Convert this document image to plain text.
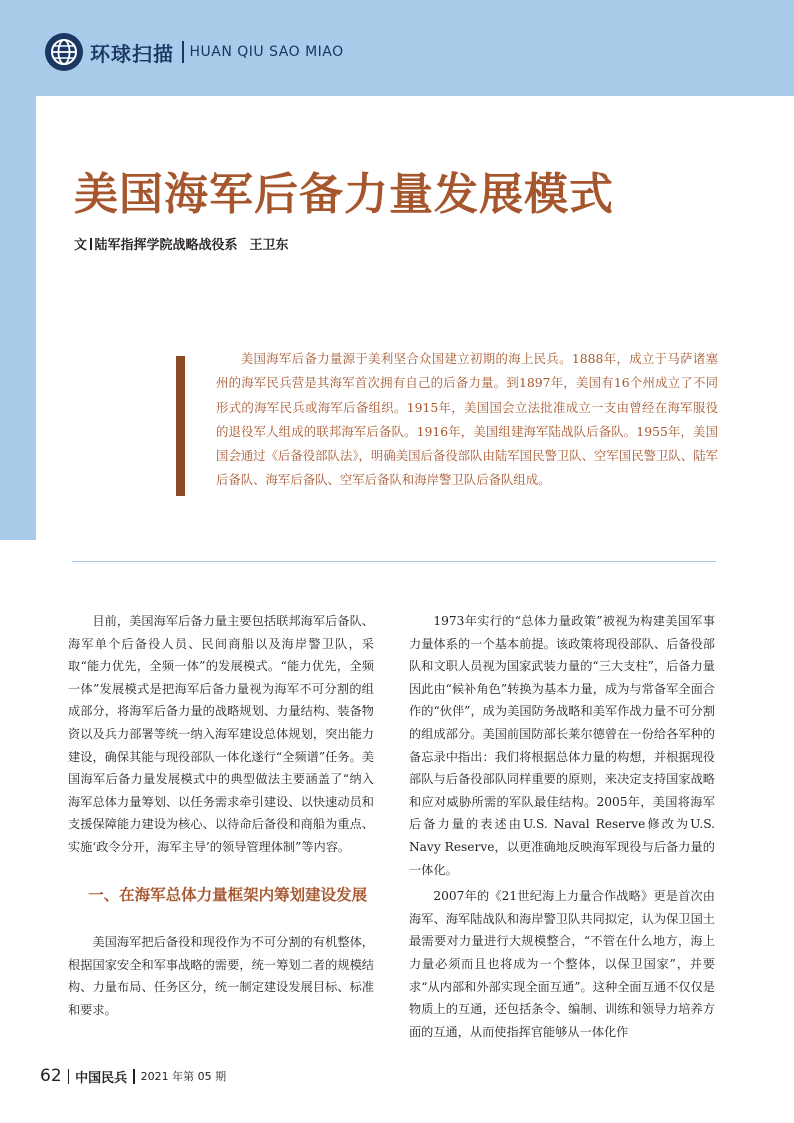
环球扫描 HUAN QIU SAO MIAO
美国海军后备力量发展模式
文 陆军指挥学院战略战役系 王卫东

美国海军后备力量源于美利坚合众国建立初期的海上民兵。1888年，成立于马萨诸塞州的海军民兵营是其海军首次拥有自己的后备力量。到1897年，美国有16个州成立了不同形式的海军民兵或海军后备组织。1915年，美国国会立法批准成立一支由曾经在海军服役的退役军人组成的联邦海军后备队。1916年，美国组建海军陆战队后备队。1955年，美国国会通过《后备役部队法》，明确美国后备役部队由陆军国民警卫队、空军国民警卫队、陆军后备队、海军后备队、空军后备队和海岸警卫队后备队组成。

目前，美国海军后备力量主要包括联邦海军后备队、海军单个后备役人员、民间商船以及海岸警卫队，采取“能力优先，全频一体”的发展模式。“能力优先，全频一体”发展模式是把海军后备力量视为海军不可分割的组成部分，将海军后备力量的战略规划、力量结构、装备物资以及兵力部署等统一纳入海军建设总体规划，突出能力建设，确保其能与现役部队一体化遂行“全频谱”任务。美国海军后备力量发展模式中的典型做法主要涵盖了“纳入海军总体力量筹划、以任务需求牵引建设、以快速动员和支援保障能力建设为核心、以待命后备役和商船为重点、实施‘政令分开，海军主导’的领导管理体制”等内容。

一、在海军总体力量框架内筹划建设发展

美国海军把后备役和现役作为不可分割的有机整体，根据国家安全和军事战略的需要，统一筹划二者的规模结构、力量布局、任务区分，统一制定建设发展目标、标准和要求。

1973年实行的“总体力量政策”被视为构建美国军事力量体系的一个基本前提。该政策将现役部队、后备役部队和文职人员视为国家武装力量的“三大支柱”，后备力量因此由“候补角色”转换为基本力量，成为与常备军全面合作的“伙伴”，成为美国防务战略和美军作战力量不可分割的组成部分。美国前国防部长莱尔德曾在一份给各军种的备忘录中指出：我们将根据总体力量的构想，并根据现役部队与后备役部队同样重要的原则，来决定支持国家战略和应对威胁所需的军队最佳结构。2005年，美国将海军后备力量的表述由U.S. Naval Reserve修改为U.S. Navy Reserve，以更准确地反映海军现役与后备力量的一体化。

2007年的《21世纪海上力量合作战略》更是首次由海军、海军陆战队和海岸警卫队共同拟定，认为保卫国土最需要对力量进行大规模整合，“不管在什么地方，海上力量必须而且也将成为一个整体，以保卫国家”，并要求“从内部和外部实现全面互通”。这种全面互通不仅仅是物质上的互通，还包括条令、编制、训练和领导力培养方面的互通，从而使指挥官能够从一体化作

62 中国民兵 2021 年第 05 期
